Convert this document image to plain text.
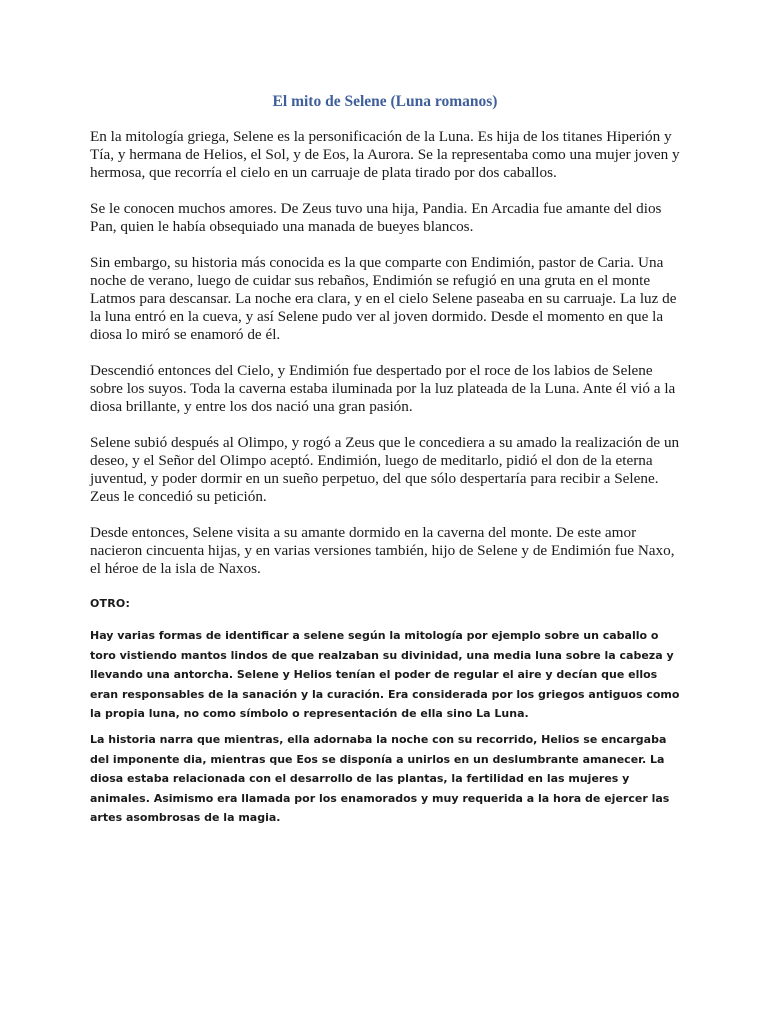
El mito de Selene (Luna romanos)

En la mitología griega, Selene es la personificación de la Luna. Es hija de los titanes Hiperión y Tía, y hermana de Helios, el Sol, y de Eos, la Aurora. Se la representaba como una mujer joven y hermosa, que recorría el cielo en un carruaje de plata tirado por dos caballos.

Se le conocen muchos amores. De Zeus tuvo una hija, Pandia. En Arcadia fue amante del dios Pan, quien le había obsequiado una manada de bueyes blancos.

Sin embargo, su historia más conocida es la que comparte con Endimión, pastor de Caria. Una noche de verano, luego de cuidar sus rebaños, Endimión se refugió en una gruta en el monte Latmos para descansar. La noche era clara, y en el cielo Selene paseaba en su carruaje. La luz de la luna entró en la cueva, y así Selene pudo ver al joven dormido. Desde el momento en que la diosa lo miró se enamoró de él.

Descendió entonces del Cielo, y Endimión fue despertado por el roce de los labios de Selene sobre los suyos. Toda la caverna estaba iluminada por la luz plateada de la Luna. Ante él vió a la diosa brillante, y entre los dos nació una gran pasión.

Selene subió después al Olimpo, y rogó a Zeus que le concediera a su amado la realización de un deseo, y el Señor del Olimpo aceptó. Endimión, luego de meditarlo, pidió el don de la eterna juventud, y poder dormir en un sueño perpetuo, del que sólo despertaría para recibir a Selene. Zeus le concedió su petición.

Desde entonces, Selene visita a su amante dormido en la caverna del monte. De este amor nacieron cincuenta hijas, y en varias versiones también, hijo de Selene y de Endimión fue Naxo, el héroe de la isla de Naxos.

OTRO:

Hay varias formas de identificar a selene según la mitología por ejemplo sobre un caballo o toro vistiendo mantos lindos de que realzaban su divinidad, una media luna sobre la cabeza y llevando una antorcha. Selene y Helios tenían el poder de regular el aire y decían que ellos eran responsables de la sanación y la curación. Era considerada por los griegos antiguos como la propia luna, no como símbolo o representación de ella sino La Luna.

La historia narra que mientras, ella adornaba la noche con su recorrido, Helios se encargaba del imponente dia, mientras que Eos se disponía a unirlos en un deslumbrante amanecer. La diosa estaba relacionada con el desarrollo de las plantas, la fertilidad en las mujeres y animales. Asimismo era llamada por los enamorados y muy requerida a la hora de ejercer las artes asombrosas de la magia.
